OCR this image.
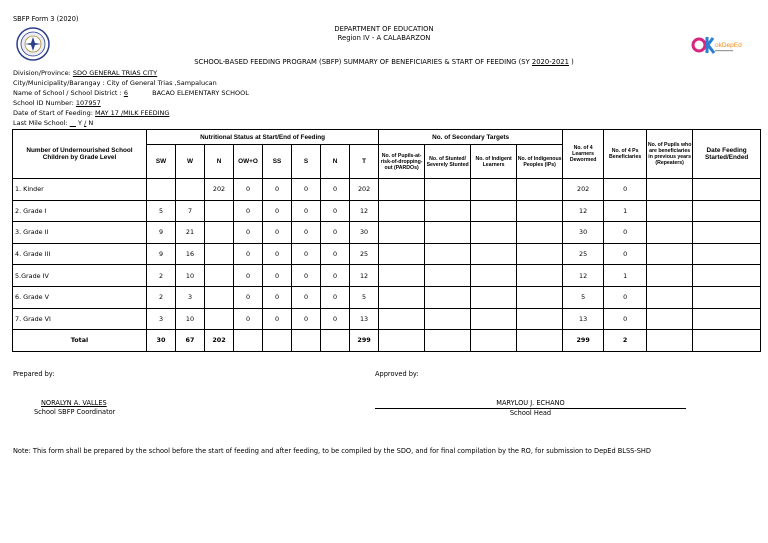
SBFP Form 3 (2020)
okDepEd
DEPARTMENT OF EDUCATION
Region IV - A CALABARZON
SCHOOL-BASED FEEDING PROGRAM (SBFP) SUMMARY OF BENEFICIARIES & START OF FEEDING (SY 2020-2021 )
Division/Province: SDO GENERAL TRIAS CITY
City/Municipality/Barangay : City of General Trias ,Sampalucan
Name of School / School District : 6	BACAO ELEMENTARY SCHOOL
School ID Number: 107957
Date of Start of Feeding: MAY 17 /MILK FEEDING
Last Mile School: Y / N
Number of Undernourished School Children by Grade Level	Nutritional Status at Start/End of Feeding								No. of Secondary Targets				No. of 4 Learners Dewormed	No. of 4 Ps Beneficiaries	No. of Pupils who are beneficiaries in previous years (Repeaters)	Date Feeding Started/Ended
	SW	W	N	OW+O	SS	S	N	T	No. of Pupils-at-risk-of-dropping-out (PARDOs)	No. of Stunted/ Severely Stunted	No. of Indigent Learners	No. of Indigenous Peoples (IPs)				
1. Kinder			202	0	0	0	0	202					202	0		
2. Grade I	5	7		0	0	0	0	12					12	1		
3. Grade II	9	21		0	0	0	0	30					30	0		
4. Grade III	9	16		0	0	0	0	25					25	0		
5.Grade IV	2	10		0	0	0	0	12					12	1		
6. Grade V	2	3		0	0	0	0	5					5	0		
7. Grade VI	3	10		0	0	0	0	13					13	0		
Total	30	67	202					299					299	2		
Prepared by:	Approved by:
NORALYN A. VALLES
School SBFP Coordinator
MARYLOU J. ECHANO
School Head
Note: This form shall be prepared by the school before the start of feeding and after feeding, to be compiled by the SDO, and for final compilation by the RO, for submission to DepEd BLSS-SHD
